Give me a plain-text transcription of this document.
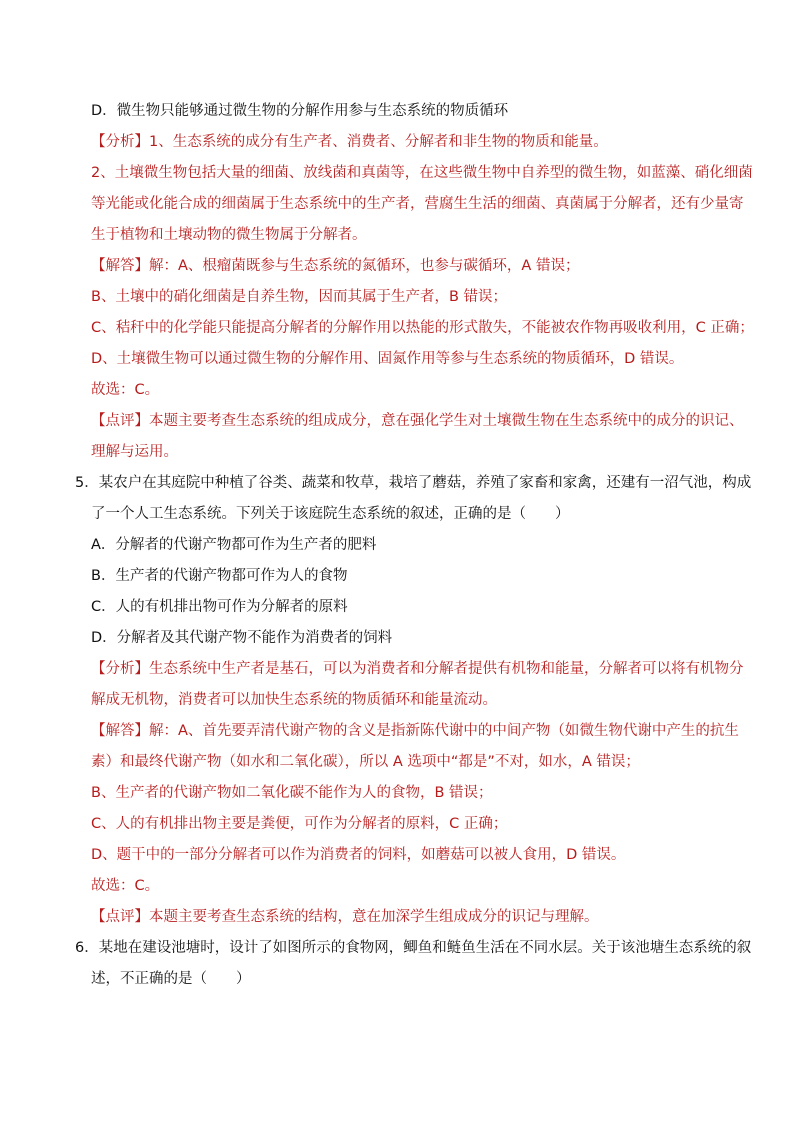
D．微生物只能够通过微生物的分解作用参与生态系统的物质循环
【分析】1、生态系统的成分有生产者、消费者、分解者和非生物的物质和能量。
2、土壤微生物包括大量的细菌、放线菌和真菌等，在这些微生物中自养型的微生物，如蓝藻、硝化细菌
等光能或化能合成的细菌属于生态系统中的生产者，营腐生生活的细菌、真菌属于分解者，还有少量寄
生于植物和土壤动物的微生物属于分解者。
【解答】解：A、根瘤菌既参与生态系统的氮循环，也参与碳循环，A 错误；
B、土壤中的硝化细菌是自养生物，因而其属于生产者，B 错误；
C、秸秆中的化学能只能提高分解者的分解作用以热能的形式散失，不能被农作物再吸收利用，C 正确；
D、土壤微生物可以通过微生物的分解作用、固氮作用等参与生态系统的物质循环，D 错误。
故选：C。
【点评】本题主要考查生态系统的组成成分，意在强化学生对土壤微生物在生态系统中的成分的识记、
理解与运用。
5．某农户在其庭院中种植了谷类、蔬菜和牧草，栽培了蘑菇，养殖了家畜和家禽，还建有一沼气池，构成
了一个人工生态系统。下列关于该庭院生态系统的叙述，正确的是（　　）
A．分解者的代谢产物都可作为生产者的肥料
B．生产者的代谢产物都可作为人的食物
C．人的有机排出物可作为分解者的原料
D．分解者及其代谢产物不能作为消费者的饲料
【分析】生态系统中生产者是基石，可以为消费者和分解者提供有机物和能量，分解者可以将有机物分
解成无机物，消费者可以加快生态系统的物质循环和能量流动。
【解答】解：A、首先要弄清代谢产物的含义是指新陈代谢中的中间产物（如微生物代谢中产生的抗生
素）和最终代谢产物（如水和二氧化碳），所以 A 选项中“都是”不对，如水，A 错误；
B、生产者的代谢产物如二氧化碳不能作为人的食物，B 错误；
C、人的有机排出物主要是粪便，可作为分解者的原料，C 正确；
D、题干中的一部分分解者可以作为消费者的饲料，如蘑菇可以被人食用，D 错误。
故选：C。
【点评】本题主要考查生态系统的结构，意在加深学生组成成分的识记与理解。
6．某地在建设池塘时，设计了如图所示的食物网，鲫鱼和鲢鱼生活在不同水层。关于该池塘生态系统的叙
述，不正确的是（　　）
